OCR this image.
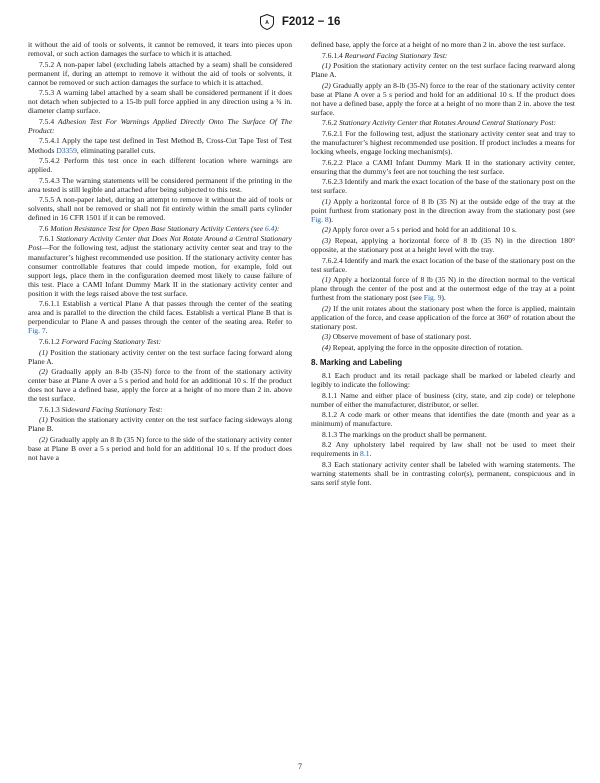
A F2012 − 16

it without the aid of tools or solvents, it cannot be removed, it tears into pieces upon removal, or such action damages the surface to which it is attached.

7.5.2 A non-paper label (excluding labels attached by a seam) shall be considered permanent if, during an attempt to remove it without the aid of tools or solvents, it cannot be removed or such action damages the surface to which it is attached.

7.5.3 A warning label attached by a seam shall be considered permanent if it does not detach when subjected to a 15-lb pull force applied in any direction using a ¾ in. diameter clamp surface.

7.5.4 Adhesion Test For Warnings Applied Directly Onto The Surface Of The Product:

7.5.4.1 Apply the tape test defined in Test Method B, Cross-Cut Tape Test of Test Methods D3359, eliminating parallel cuts.

7.5.4.2 Perform this test once in each different location where warnings are applied.

7.5.4.3 The warning statements will be considered permanent if the printing in the area tested is still legible and attached after being subjected to this test.

7.5.5 A non-paper label, during an attempt to remove it without the aid of tools or solvents, shall not be removed or shall not fit entirely within the small parts cylinder defined in 16 CFR 1501 if it can be removed.

7.6 Motion Resistance Test for Open Base Stationary Activity Centers (see 6.4):

7.6.1 Stationary Activity Center that Does Not Rotate Around a Central Stationary Post—For the following test, adjust the stationary activity center seat and tray to the manufacturer’s highest recommended use position. If the stationary activity center has consumer controllable features that could impede motion, for example, fold out support legs, place them in the configuration deemed most likely to cause failure of this test. Place a CAMI Infant Dummy Mark II in the stationary activity center and position it with the legs raised above the test surface.

7.6.1.1 Establish a vertical Plane A that passes through the center of the seating area and is parallel to the direction the child faces. Establish a vertical Plane B that is perpendicular to Plane A and passes through the center of the seating area. Refer to Fig. 7.

7.6.1.2 Forward Facing Stationary Test:

(1) Position the stationary activity center on the test surface facing forward along Plane A.

(2) Gradually apply an 8-lb (35-N) force to the front of the stationary activity center base at Plane A over a 5 s period and hold for an additional 10 s. If the product does not have a defined base, apply the force at a height of no more than 2 in. above the test surface.

7.6.1.3 Sideward Facing Stationary Test:

(1) Position the stationary activity center on the test surface facing sideways along Plane B.

(2) Gradually apply an 8 lb (35 N) force to the side of the stationary activity center base at Plane B over a 5 s period and hold for an additional 10 s. If the product does not have a

defined base, apply the force at a height of no more than 2 in. above the test surface.

7.6.1.4 Rearward Facing Stationary Test:

(1) Position the stationary activity center on the test surface facing rearward along Plane A.

(2) Gradually apply an 8-lb (35-N) force to the rear of the stationary activity center base at Plane A over a 5 s period and hold for an additional 10 s. If the product does not have a defined base, apply the force at a height of no more than 2 in. above the test surface.

7.6.2 Stationary Activity Center that Rotates Around Central Stationary Post:

7.6.2.1 For the following test, adjust the stationary activity center seat and tray to the manufacturer’s highest recommended use position. If product includes a means for locking wheels, engage locking mechanism(s).

7.6.2.2 Place a CAMI Infant Dummy Mark II in the stationary activity center, ensuring that the dummy’s feet are not touching the test surface.

7.6.2.3 Identify and mark the exact location of the base of the stationary post on the test surface.

(1) Apply a horizontal force of 8 lb (35 N) at the outside edge of the tray at the point furthest from stationary post in the direction away from the stationary post (see Fig. 8).

(2) Apply force over a 5 s period and hold for an additional 10 s.

(3) Repeat, applying a horizontal force of 8 lb (35 N) in the direction 180° opposite, at the stationary post at a height level with the tray.

7.6.2.4 Identify and mark the exact location of the base of the stationary post on the test surface.

(1) Apply a horizontal force of 8 lb (35 N) in the direction normal to the vertical plane through the center of the post and at the outermost edge of the tray at a point furthest from the stationary post (see Fig. 9).

(2) If the unit rotates about the stationary post when the force is applied, maintain application of the force, and cease application of the force at 360° of rotation about the stationary post.

(3) Observe movement of base of stationary post.

(4) Repeat, applying the force in the opposite direction of rotation.

8. Marking and Labeling

8.1 Each product and its retail package shall be marked or labeled clearly and legibly to indicate the following:

8.1.1 Name and either place of business (city, state, and zip code) or telephone number of either the manufacturer, distributor, or seller.

8.1.2 A code mark or other means that identifies the date (month and year as a minimum) of manufacture.

8.1.3 The markings on the product shall be permanent.

8.2 Any upholstery label required by law shall not be used to meet their requirements in 8.1.

8.3 Each stationary activity center shall be labeled with warning statements. The warning statements shall be in contrasting color(s), permanent, conspicuous and in sans serif style font.

7
